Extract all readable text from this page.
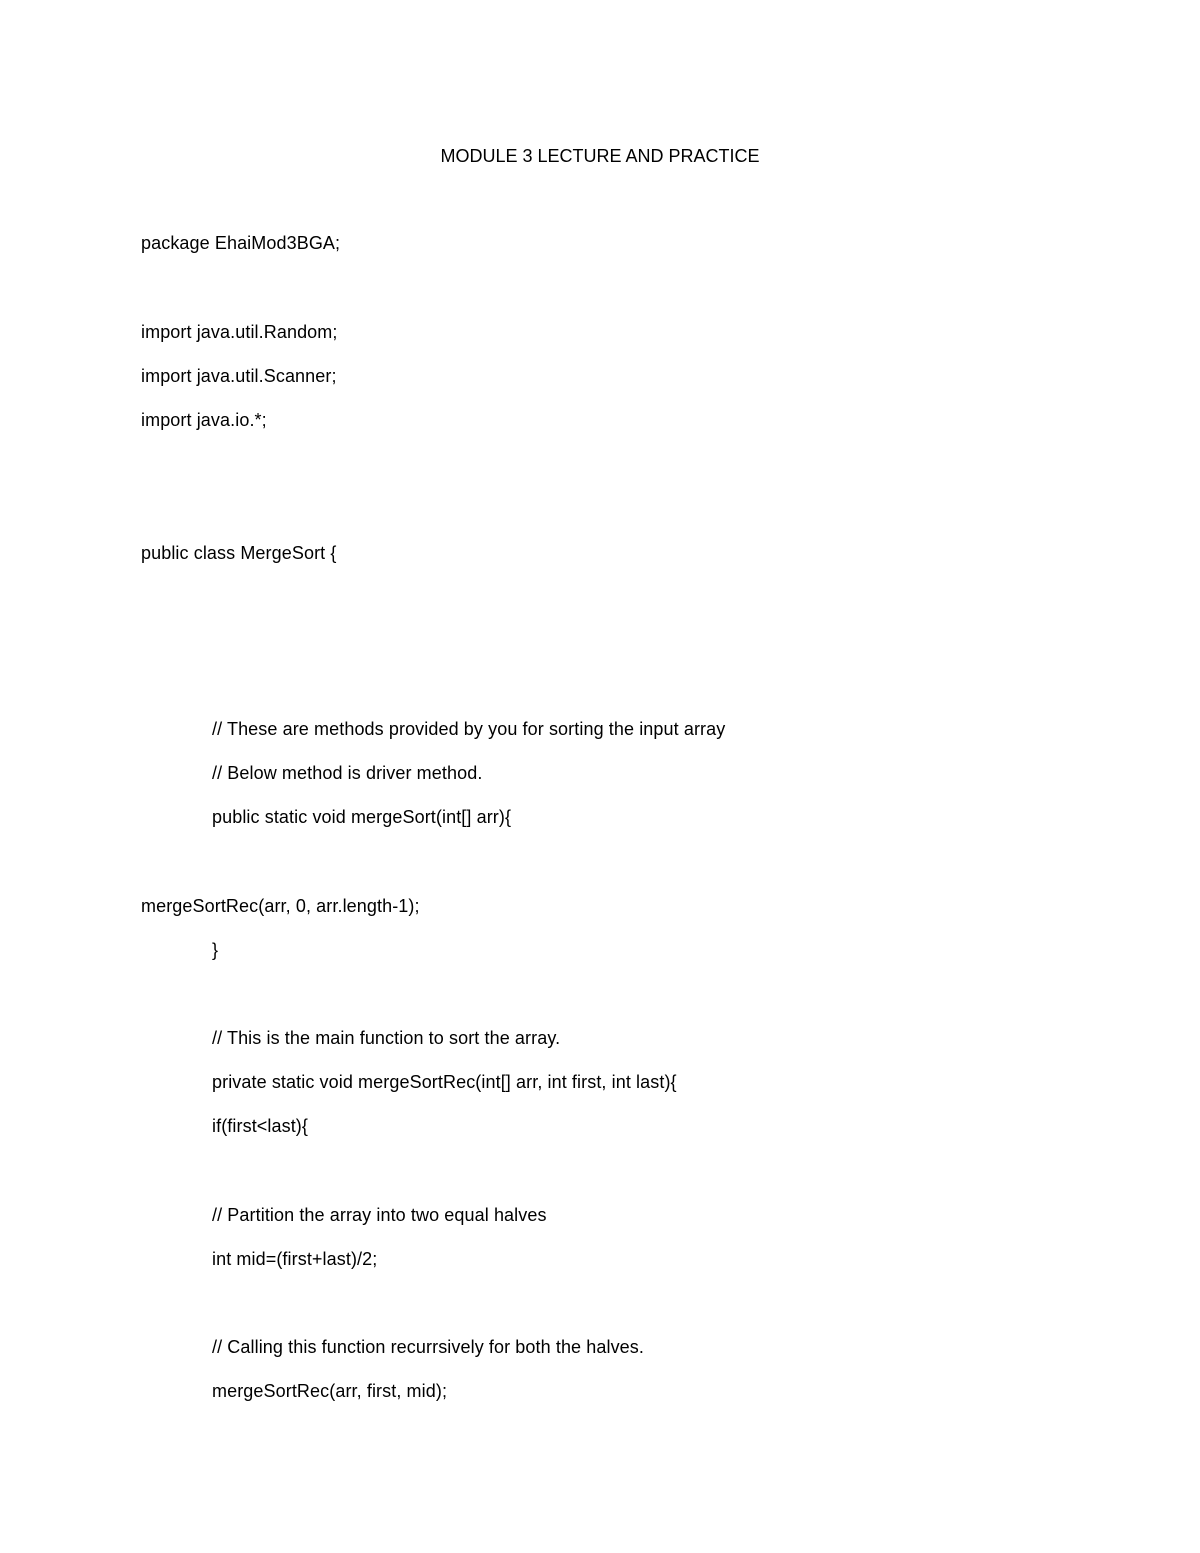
MODULE 3 LECTURE AND PRACTICE
package EhaiMod3BGA;
import java.util.Random;
import java.util.Scanner;
import java.io.*;
public class MergeSort {
// These are methods provided by you for sorting the input array
// Below method is driver method.
public static void mergeSort(int[] arr){
mergeSortRec(arr, 0, arr.length-1);
}
// This is the main function to sort the array.
private static void mergeSortRec(int[] arr, int first, int last){
if(first<last){
// Partition the array into two equal halves
int mid=(first+last)/2;
// Calling this function recurrsively for both the halves.
mergeSortRec(arr, first, mid);
